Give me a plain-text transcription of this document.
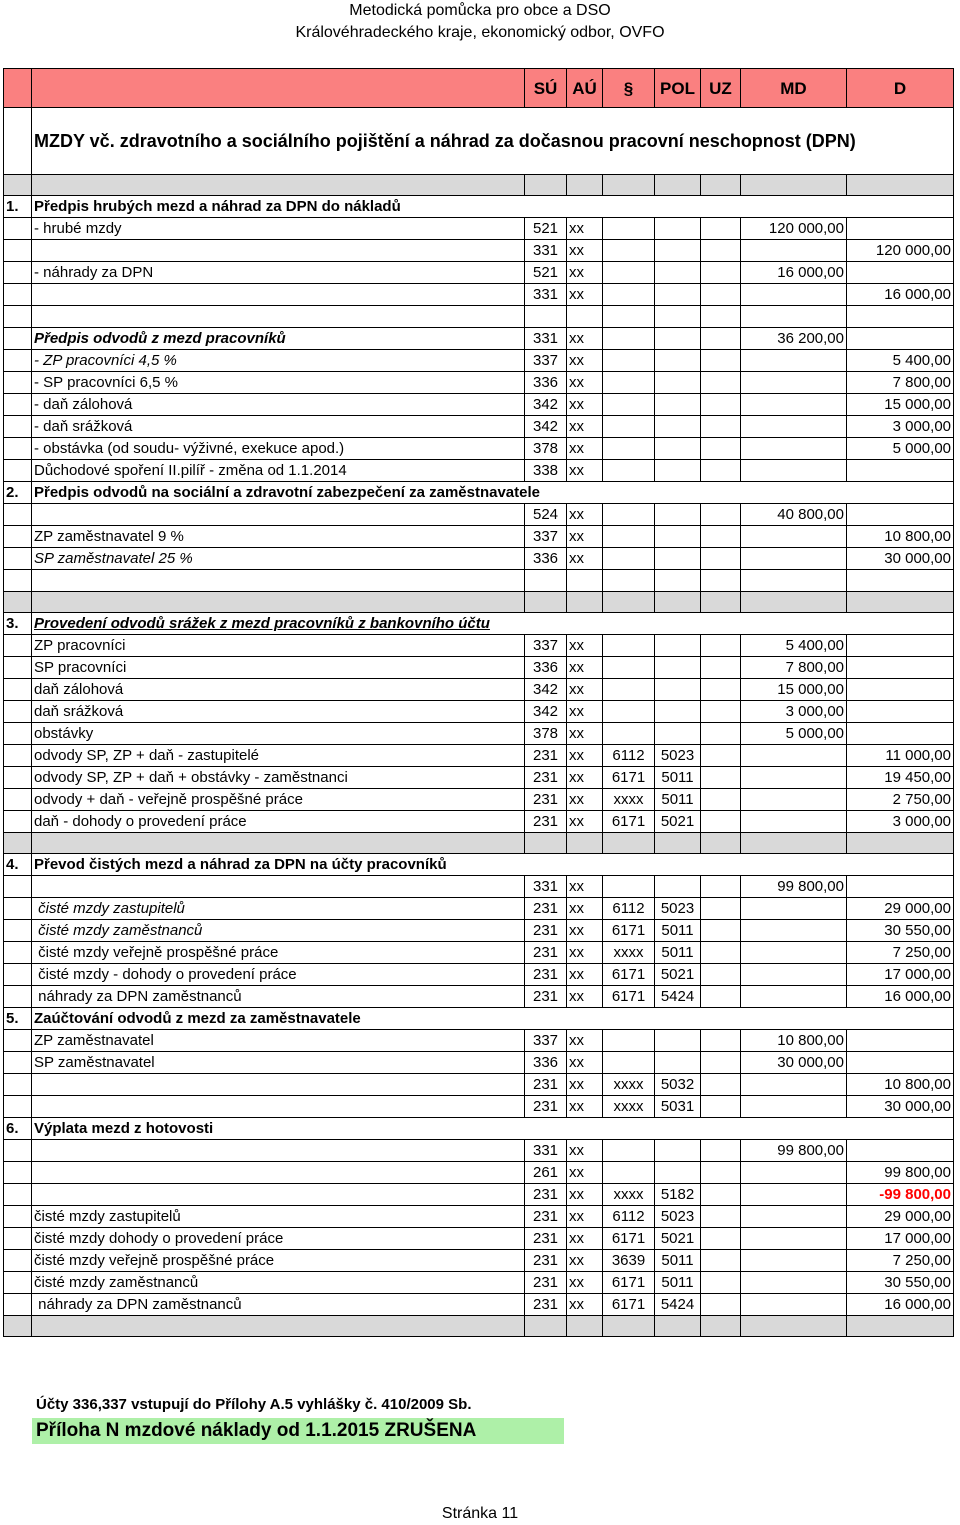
Metodická pomůcka pro obce a DSO
Královéhradeckého kraje, ekonomický odbor, OVFO
		SÚ	AÚ	§	POL	UZ	MD	D
	MZDY vč. zdravotního a sociálního pojištění a náhrad za dočasnou pracovní neschopnost (DPN)							

1.	Předpis hrubých mezd a náhrad za DPN do nákladů							
	- hrubé mzdy	521	xx				120 000,00	
		331	xx					120 000,00
	- náhrady za DPN	521	xx				16 000,00	
		331	xx					16 000,00

	Předpis odvodů z mezd pracovníků	331	xx				36 200,00	
	- ZP pracovníci 4,5 %	337	xx					5 400,00
	- SP pracovníci 6,5 %	336	xx					7 800,00
	- daň zálohová	342	xx					15 000,00
	- daň srážková	342	xx					3 000,00
	- obstávka (od soudu- výživné, exekuce apod.)	378	xx					5 000,00
	Důchodové spoření II.pilíř - změna od 1.1.2014	338	xx					
2.	Předpis odvodů na sociální a zdravotní zabezpečení za zaměstnavatele							
		524	xx				40 800,00	
	ZP zaměstnavatel 9 %	337	xx					10 800,00
	SP zaměstnavatel 25 %	336	xx					30 000,00

3.	Provedení odvodů srážek z mezd pracovníků z bankovního účtu							
	ZP pracovníci	337	xx				5 400,00	
	SP pracovníci	336	xx				7 800,00	
	daň zálohová	342	xx				15 000,00	
	daň srážková	342	xx				3 000,00	
	obstávky	378	xx				5 000,00	
	odvody SP, ZP + daň - zastupitelé	231	xx	6112	5023			11 000,00
	odvody SP, ZP + daň + obstávky - zaměstnanci	231	xx	6171	5011			19 450,00
	odvody + daň - veřejně prospěšné práce	231	xx	xxxx	5011			2 750,00
	daň - dohody o provedení práce	231	xx	6171	5021			3 000,00

4.	Převod čistých mezd a náhrad za DPN na účty pracovníků							
		331	xx				99 800,00	
	čisté mzdy zastupitelů	231	xx	6112	5023			29 000,00
	čisté mzdy zaměstnanců	231	xx	6171	5011			30 550,00
	čisté mzdy veřejně prospěšné práce	231	xx	xxxx	5011			7 250,00
	čisté mzdy - dohody o provedení práce	231	xx	6171	5021			17 000,00
	náhrady za DPN zaměstnanců	231	xx	6171	5424			16 000,00
5.	Zaúčtování odvodů z mezd za zaměstnavatele							
	ZP zaměstnavatel	337	xx				10 800,00	
	SP zaměstnavatel	336	xx				30 000,00	
		231	xx	xxxx	5032			10 800,00
		231	xx	xxxx	5031			30 000,00
6.	Výplata mezd z hotovosti							
		331	xx				99 800,00	
		261	xx					99 800,00
		231	xx	xxxx	5182			-99 800,00
	čisté mzdy zastupitelů	231	xx	6112	5023			29 000,00
	čisté mzdy dohody o provedení práce	231	xx	6171	5021			17 000,00
	čisté mzdy veřejně prospěšné práce	231	xx	3639	5011			7 250,00
	čisté mzdy zaměstnanců	231	xx	6171	5011			30 550,00
	náhrady za DPN zaměstnanců	231	xx	6171	5424			16 000,00

Účty 336,337 vstupují do Přílohy A.5 vyhlášky č. 410/2009 Sb.
Příloha N mzdové náklady od 1.1.2015 ZRUŠENA
Stránka 11
